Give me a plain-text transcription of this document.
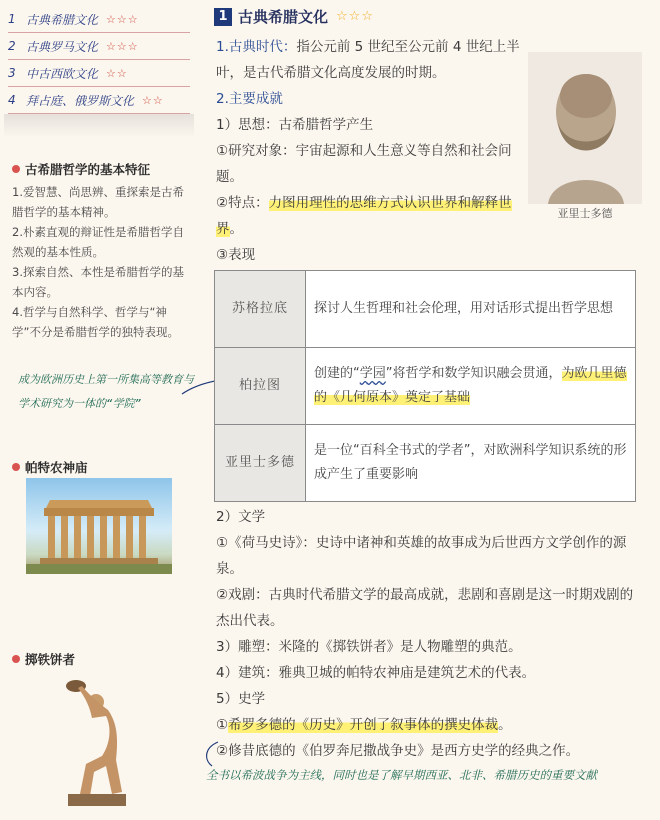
1 古典希腊文化 ☆☆☆
2 古典罗马文化 ☆☆☆
3 中古西欧文化 ☆☆
4 拜占庭、俄罗斯文化 ☆☆
古希腊哲学的基本特征
1.爱智慧、尚思辨、重探索是古希腊哲学的基本精神。
2.朴素直观的辩证性是希腊哲学自然观的基本性质。
3.探索自然、本性是希腊哲学的基本内容。
4.哲学与自然科学、哲学与“神学”不分是希腊哲学的独特表现。
成为欧洲历史上第一所集高等教育与学术研究为一体的“学院”
帕特农神庙
掷铁饼者
1 古典希腊文化 ☆☆☆
1.古典时代：指公元前 5 世纪至公元前 4 世纪上半叶，是古代希腊文化高度发展的时期。
2.主要成就
1）思想：古希腊哲学产生
①研究对象：宇宙起源和人生意义等自然和社会问题。
②特点：力图用理性的思维方式认识世界和解释世界。
亚里士多德
③表现
苏格拉底	探讨人生哲理和社会伦理，用对话形式提出哲学思想
柏拉图	创建的“学园”将哲学和数学知识融会贯通，为欧几里德的《几何原本》奠定了基础
亚里士多德	是一位“百科全书式的学者”，对欧洲科学知识系统的形成产生了重要影响
2）文学
①《荷马史诗》：史诗中诸神和英雄的故事成为后世西方文学创作的源泉。
②戏剧：古典时代希腊文学的最高成就，悲剧和喜剧是这一时期戏剧的杰出代表。
3）雕塑：米隆的《掷铁饼者》是人物雕塑的典范。
4）建筑：雅典卫城的帕特农神庙是建筑艺术的代表。
5）史学
①希罗多德的《历史》开创了叙事体的撰史体裁。
②修昔底德的《伯罗奔尼撒战争史》是西方史学的经典之作。
全书以希波战争为主线，同时也是了解早期西亚、北非、希腊历史的重要文献
